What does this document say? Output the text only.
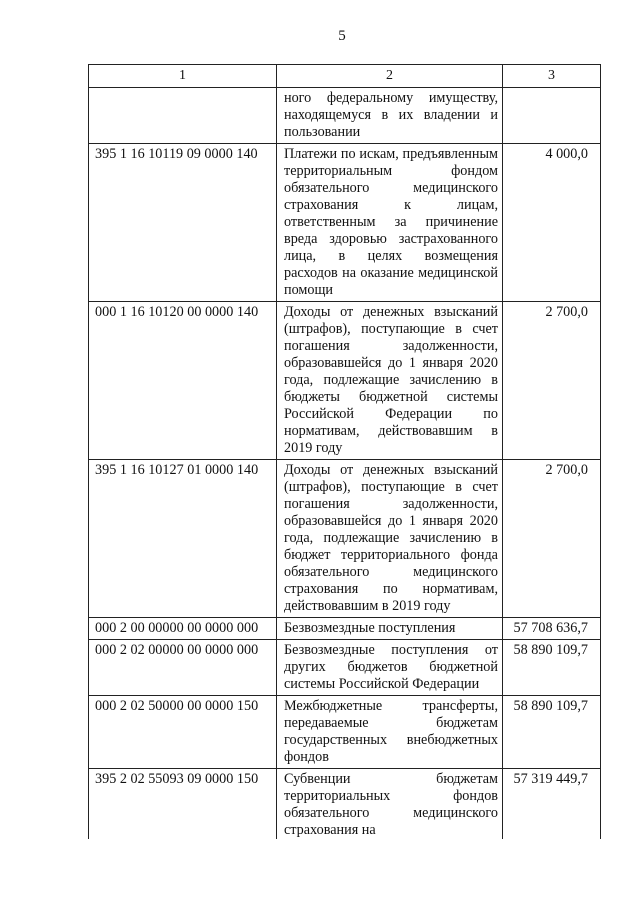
5
1	2	3
	ного федеральному имуществу, находящемуся в их владении и пользовании	
395 1 16 10119 09 0000 140	Платежи по искам, предъявленным территориальным фондом обязательного медицинского страхования к лицам, ответственным за причинение вреда здоровью застрахованного лица, в целях возмещения расходов на оказание медицинской помощи	4 000,0
000 1 16 10120 00 0000 140	Доходы от денежных взысканий (штрафов), поступающие в счет погашения задолженности, образовавшейся до 1 января 2020 года, подлежащие зачислению в бюджеты бюджетной системы Российской Федерации по нормативам, действовавшим в 2019 году	2 700,0
395 1 16 10127 01 0000 140	Доходы от денежных взысканий (штрафов), поступающие в счет погашения задолженности, образовавшейся до 1 января 2020 года, подлежащие зачислению в бюджет территориального фонда обязательного медицинского страхования по нормативам, действовавшим в 2019 году	2 700,0
000 2 00 00000 00 0000 000	Безвозмездные поступления	57 708 636,7
000 2 02 00000 00 0000 000	Безвозмездные поступления от других бюджетов бюджетной системы Российской Федерации	58 890 109,7
000 2 02 50000 00 0000 150	Межбюджетные трансферты, передаваемые бюджетам государственных внебюджетных фондов	58 890 109,7
395 2 02 55093 09 0000 150	Субвенции бюджетам территориальных фондов обязательного медицинского страхования на	57 319 449,7
